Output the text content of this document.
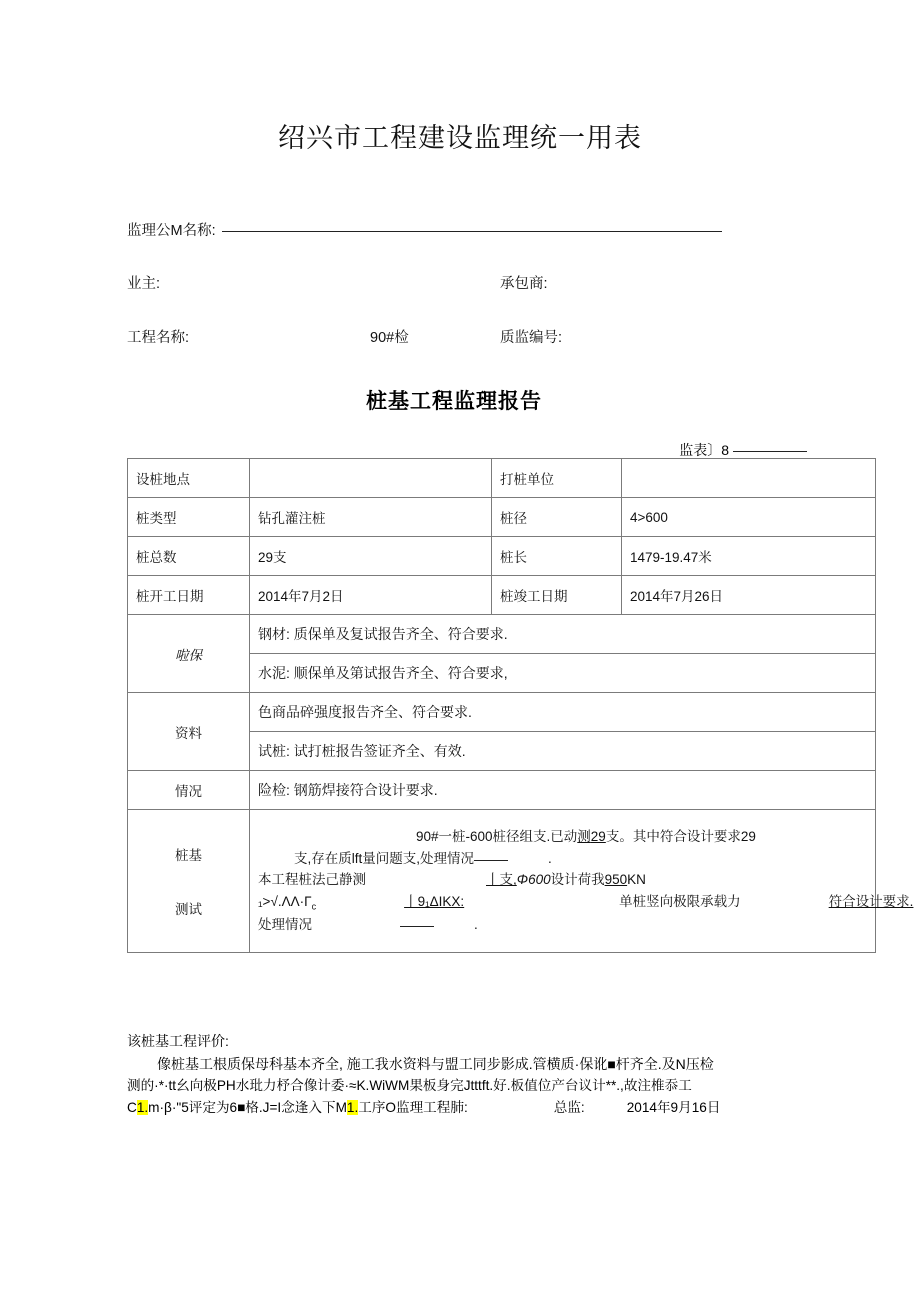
绍兴市工程建设监理统一用表
监理公M名称:
业主:	承包商:
工程名称:	90#检	质监编号:
桩基工程监理报告
监表〕8
设桩地点		打桩单位	
桩类型	钻孔灌注桩	桩径	4>600
桩总数	29支	桩长	1479-19.47米
桩开工日期	2014年7月2日	桩竣工日期	2014年7月26日
啦保	钢材: 质保单及复试报告齐全、符合要求.		
	水泥: 顺保单及第试报告齐全、符合要求,		
资料	色商品碎强度报告齐全、符合要求.		
	试桩: 试打桩报告签证齐全、有效.		
情况	险检: 钢筋焊接符合设计要求.		

桩基
测试

90#一桩-600桩径组支.已动测29支。其中符合设计要求29
支,存在质lft量问题支,处理情况	.
本工程桩法己静测	丨支,Φ600设计荷我950KN
$_1>√.\Lambda\Lambda\cdot\Gamma_c$	丨9₁ΔIKX:	单桩竖向极限承载力	符合设计要求.
处理情况	.
该桩基工程评价:
像桩基工根质保母科基本齐全, 施工我水资料与盟工同步影成.管横质·保讹■杆齐全.及N压检
测的·*·tt幺向极PH水玭力杼合像计委·≈K.WiWM果板身完Jtttft.好.板值位产台议计**.,故注椎忝工
C1.m·β·"5评定为6■格.J=I念逢入下M1.工序O监理工程肺:	总监:	2014年9月16日
